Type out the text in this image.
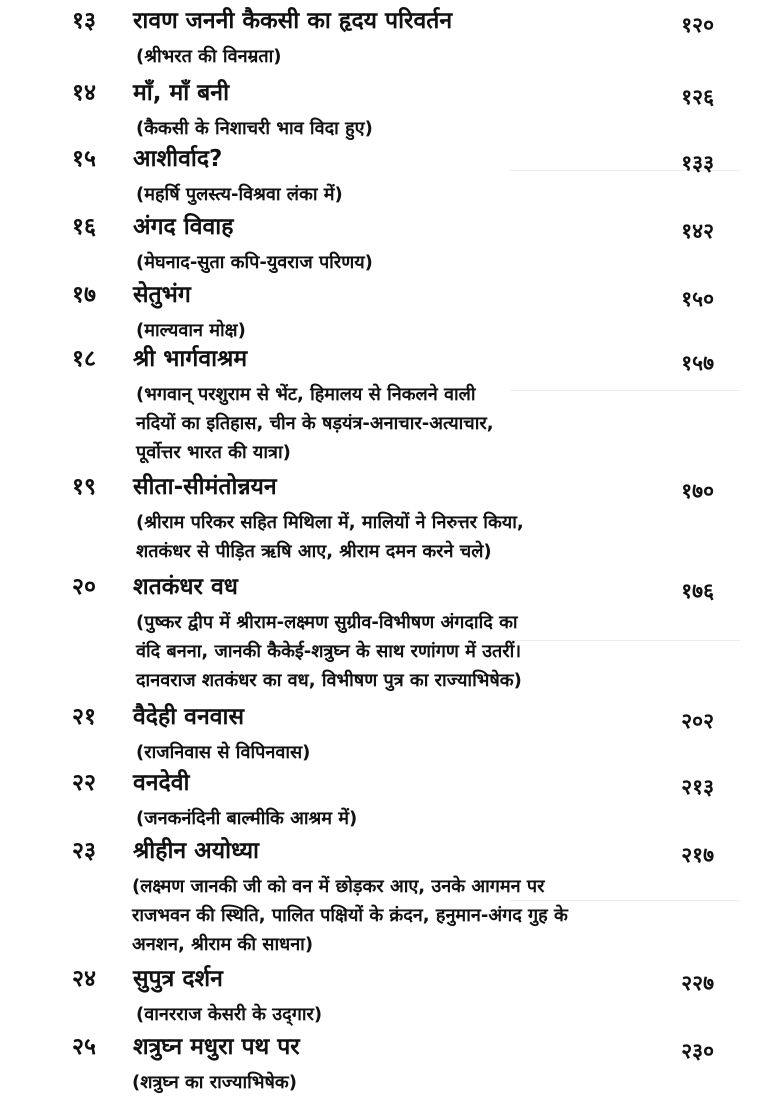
१३	रावण जननी कैकसी का हृदय परिवर्तन	१२०
(श्रीभरत की विनम्रता)
१४	माँ, माँ बनी	१२६
(कैकसी के निशाचरी भाव विदा हुए)
१५	आशीर्वाद?	१३३
(महर्षि पुलस्त्य-विश्रवा लंका में)
१६	अंगद विवाह	१४२
(मेघनाद-सुता कपि-युवराज परिणय)
१७	सेतुभंग	१५०
(माल्यवान मोक्ष)
१८	श्री भार्गवाश्रम	१५७
(भगवान् परशुराम से भेंट, हिमालय से निकलने वाली
नदियों का इतिहास, चीन के षड़यंत्र-अनाचार-अत्याचार,
पूर्वोत्तर भारत की यात्रा)
१९	सीता-सीमंतोन्नयन	१७०
(श्रीराम परिकर सहित मिथिला में, मालियों ने निरुत्तर किया,
शतकंधर से पीड़ित ऋषि आए, श्रीराम दमन करने चले)
२०	शतकंधर वध	१७६
(पुष्कर द्वीप में श्रीराम-लक्ष्मण सुग्रीव-विभीषण अंगदादि का
वंदि बनना, जानकी कैकेई-शत्रुघ्न के साथ रणांगण में उतरीं।
दानवराज शतकंधर का वध, विभीषण पुत्र का राज्याभिषेक)
२१	वैदेही वनवास	२०२
(राजनिवास से विपिनवास)
२२	वनदेवी	२१३
(जनकनंदिनी बाल्मीकि आश्रम में)
२३	श्रीहीन अयोध्या	२१७
(लक्ष्मण जानकी जी को वन में छोड़कर आए, उनके आगमन पर
राजभवन की स्थिति, पालित पक्षियों के क्रंदन, हनुमान-अंगद गुह के
अनशन, श्रीराम की साधना)
२४	सुपुत्र दर्शन	२२७
(वानरराज केसरी के उद्‌गार)
२५	शत्रुघ्न मधुरा पथ पर	२३०
(शत्रुघ्न का राज्याभिषेक)
